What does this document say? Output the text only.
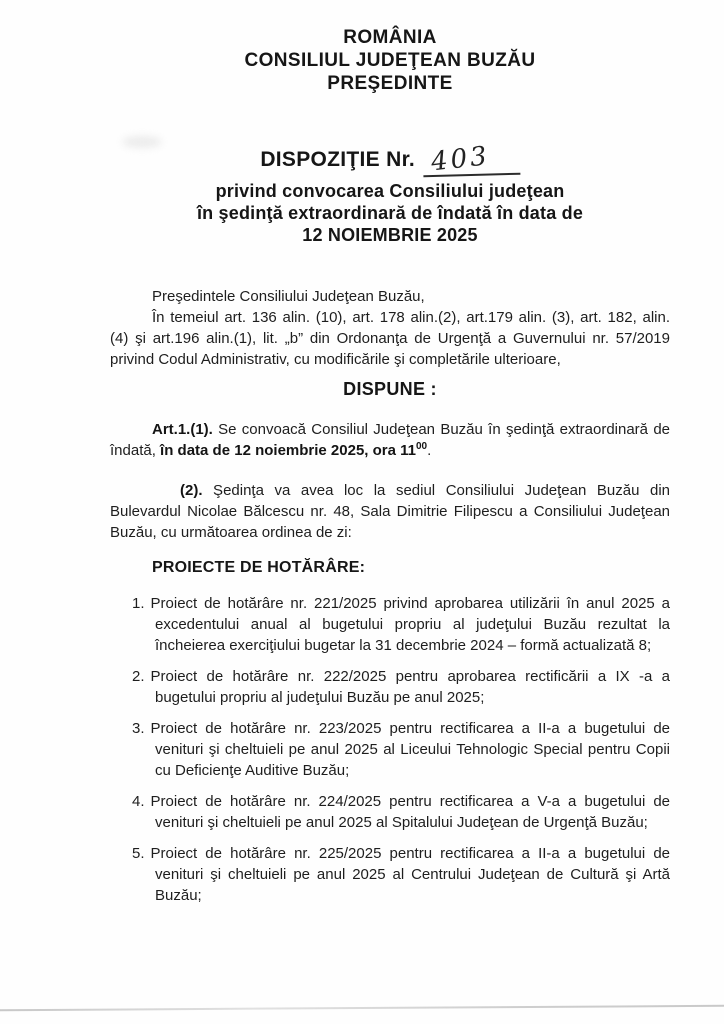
ROMÂNIA
CONSILIUL JUDEŢEAN BUZĂU
PREŞEDINTE
DISPOZIŢIE Nr. 403
privind convocarea Consiliului judeţean
în şedinţă extraordinară de îndată în data de
12 NOIEMBRIE 2025

Preşedintele Consiliului Judeţean Buzău,

În temeiul art. 136 alin. (10), art. 178 alin.(2), art.179 alin. (3), art. 182, alin. (4) şi art.196 alin.(1), lit. „b” din Ordonanţa de Urgenţă a Guvernului nr. 57/2019 privind Codul Administrativ, cu modificările şi completările ulterioare,

DISPUNE :

Art.1.(1). Se convoacă Consiliul Judeţean Buzău în şedinţă extraordinară de îndată, în data de 12 noiembrie 2025, ora $11^{00}$.

(2). Şedinţa va avea loc la sediul Consiliului Judeţean Buzău din Bulevardul Nicolae Bălcescu nr. 48, Sala Dimitrie Filipescu a Consiliului Judeţean Buzău, cu următoarea ordinea de zi:

PROIECTE DE HOTĂRÂRE:

1. Proiect de hotărâre nr. 221/2025 privind aprobarea utilizării în anul 2025 a excedentului anual al bugetului propriu al judeţului Buzău rezultat la încheierea exerciţiului bugetar la 31 decembrie 2024 – formă actualizată 8;

2. Proiect de hotărâre nr. 222/2025 pentru aprobarea rectificării a IX -a a bugetului propriu al judeţului Buzău pe anul 2025;

3. Proiect de hotărâre nr. 223/2025 pentru rectificarea a II-a a bugetului de venituri şi cheltuieli pe anul 2025 al Liceului Tehnologic Special pentru Copii cu Deficienţe Auditive Buzău;

4. Proiect de hotărâre nr. 224/2025 pentru rectificarea a V-a a bugetului de venituri şi cheltuieli pe anul 2025 al Spitalului Judeţean de Urgenţă Buzău;

5. Proiect de hotărâre nr. 225/2025 pentru rectificarea a II-a a bugetului de venituri şi cheltuieli pe anul 2025 al Centrului Judeţean de Cultură şi Artă Buzău;
